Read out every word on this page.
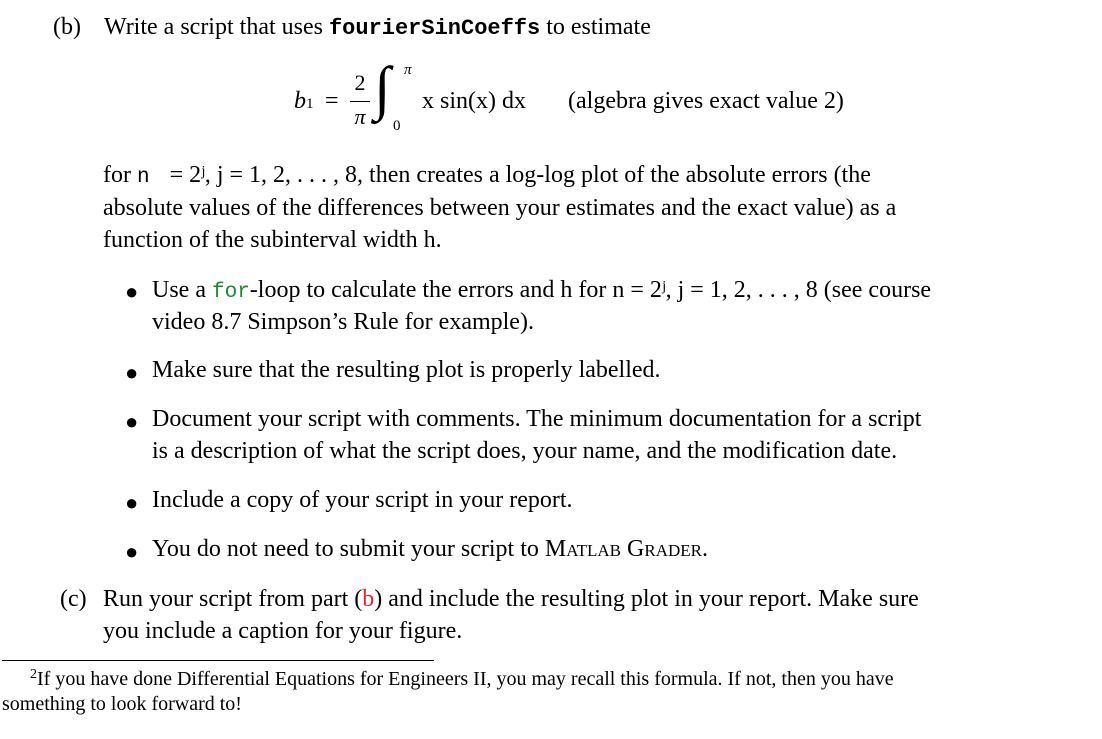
(b) Write a script that uses fourierSinCoeffs to estimate
b1 =
2
π ∫ π
0
x sin(x) dx (algebra gives exact value 2)
for n = 2ʲ, j = 1, 2, . . . , 8, then creates a log-log plot of the absolute errors (the
absolute values of the differences between your estimates and the exact value) as a
function of the subinterval width h.
● Use a for-loop to calculate the errors and h for n = 2ʲ, j = 1, 2, . . . , 8 (see course
video 8.7 Simpson’s Rule for example).
● Make sure that the resulting plot is properly labelled.
● Document your script with comments. The minimum documentation for a script
is a description of what the script does, your name, and the modification date.
● Include a copy of your script in your report.
● You do not need to submit your script to Matlab Grader.
(c) Run your script from part (b) and include the resulting plot in your report. Make sure
you include a caption for your figure.
$^2$If you have done Differential Equations for Engineers II, you may recall this formula. If not, then you have
something to look forward to!
